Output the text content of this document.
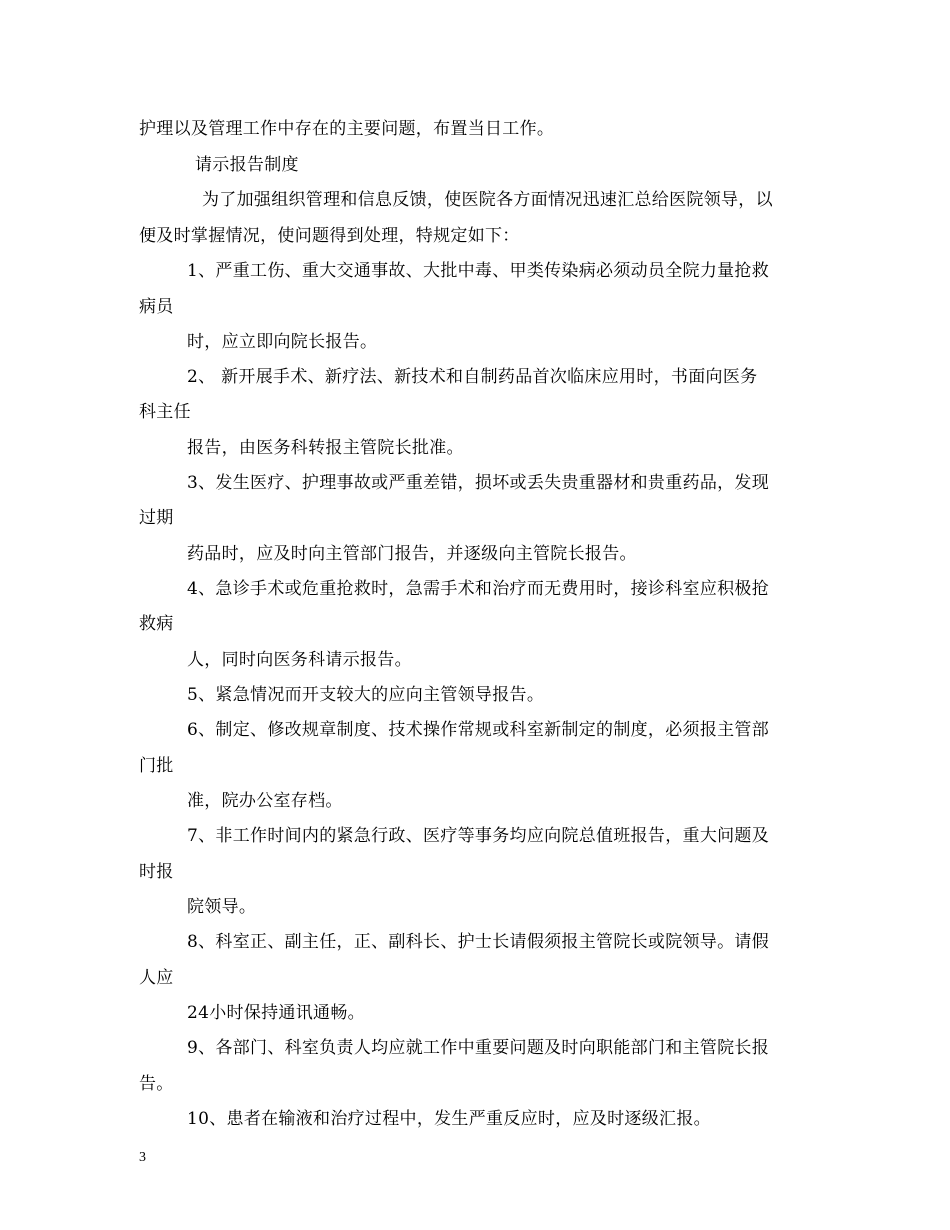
护理以及管理工作中存在的主要问题，布置当日工作。
请示报告制度
为了加强组织管理和信息反馈，使医院各方面情况迅速汇总给医院领导，以
便及时掌握情况，使问题得到处理，特规定如下：
1、严重工伤、重大交通事故、大批中毒、甲类传染病必须动员全院力量抢救
病员
时，应立即向院长报告。
2、 新开展手术、新疗法、新技术和自制药品首次临床应用时，书面向医务
科主任
报告，由医务科转报主管院长批准。
3、发生医疗、护理事故或严重差错，损坏或丢失贵重器材和贵重药品，发现
过期
药品时，应及时向主管部门报告，并逐级向主管院长报告。
4、急诊手术或危重抢救时，急需手术和治疗而无费用时，接诊科室应积极抢
救病
人，同时向医务科请示报告。
5、紧急情况而开支较大的应向主管领导报告。
6、制定、修改规章制度、技术操作常规或科室新制定的制度，必须报主管部
门批
准，院办公室存档。
7、非工作时间内的紧急行政、医疗等事务均应向院总值班报告，重大问题及
时报
院领导。
8、科室正、副主任，正、副科长、护士长请假须报主管院长或院领导。请假
人应
24小时保持通讯通畅。
9、各部门、科室负责人均应就工作中重要问题及时向职能部门和主管院长报
告。
10、患者在输液和治疗过程中，发生严重反应时，应及时逐级汇报。
3
